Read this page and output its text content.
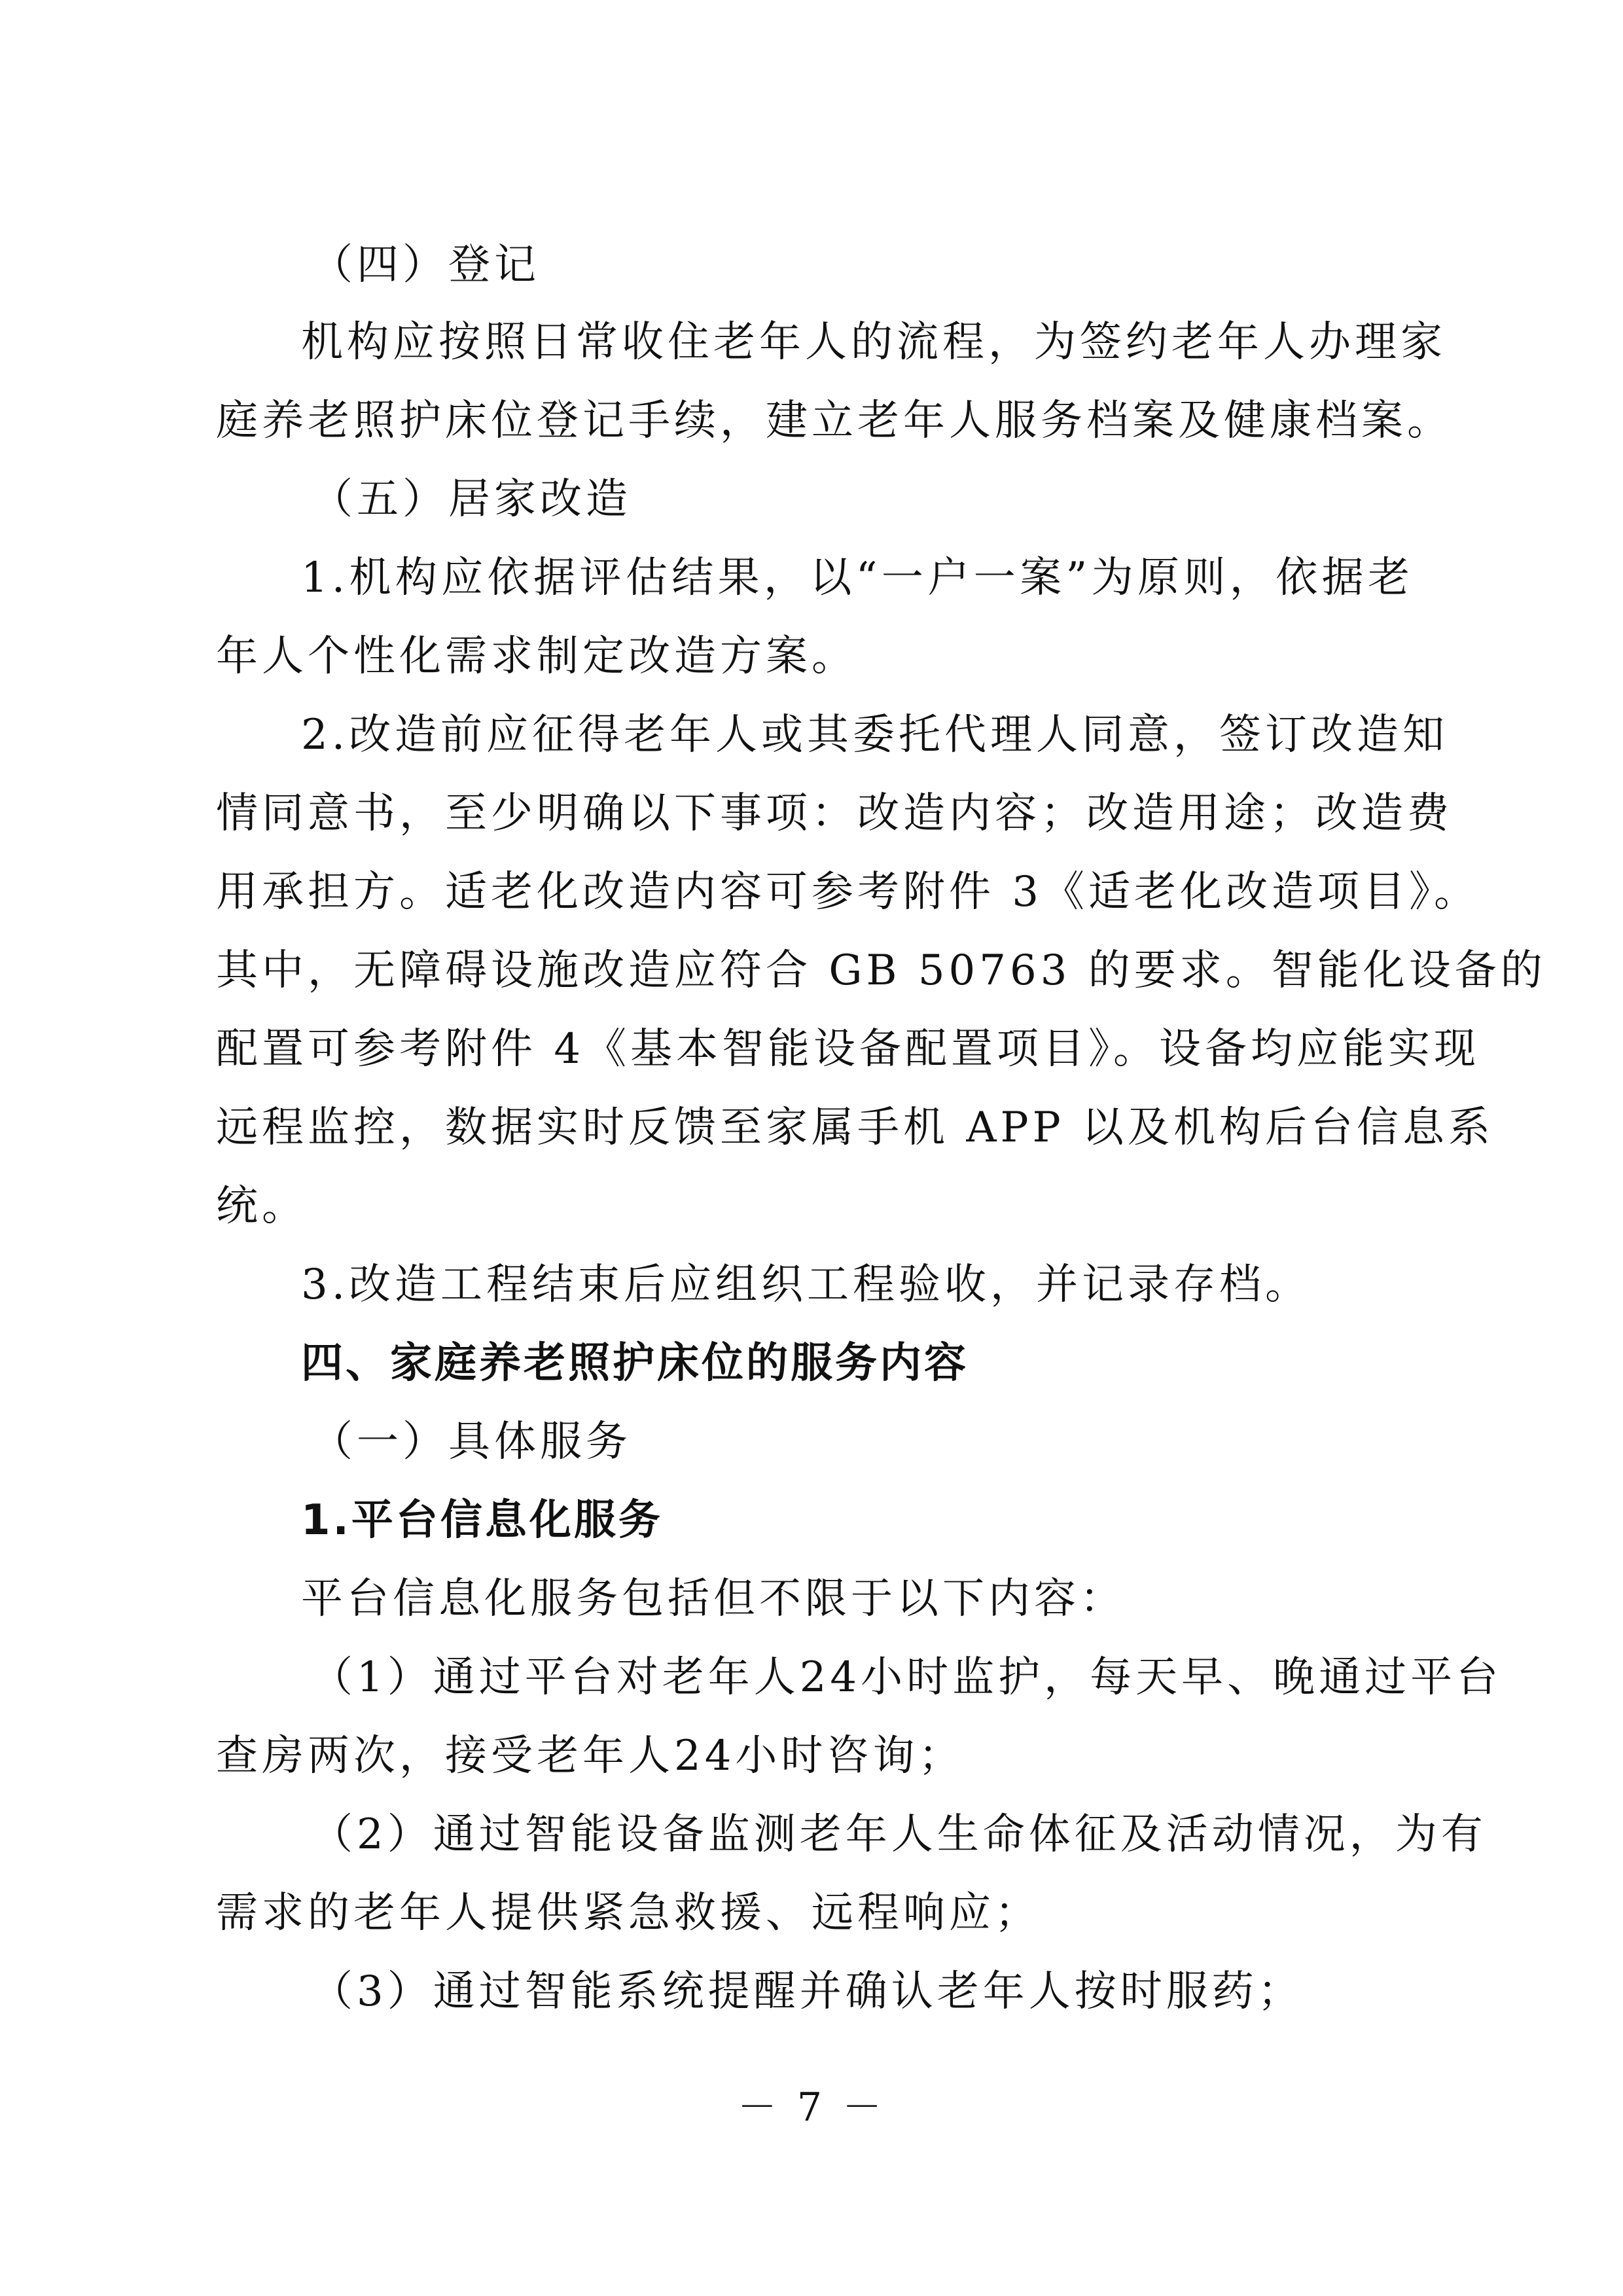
（四）登记
机构应按照日常收住老年人的流程，为签约老年人办理家
庭养老照护床位登记手续，建立老年人服务档案及健康档案。
（五）居家改造
1.机构应依据评估结果，以“一户一案”为原则，依据老
年人个性化需求制定改造方案。
2.改造前应征得老年人或其委托代理人同意，签订改造知
情同意书，至少明确以下事项：改造内容；改造用途；改造费
用承担方。适老化改造内容可参考附件 3《适老化改造项目》。
其中，无障碍设施改造应符合 GB 50763 的要求。智能化设备的
配置可参考附件 4《基本智能设备配置项目》。设备均应能实现
远程监控，数据实时反馈至家属手机 APP 以及机构后台信息系
统。
3.改造工程结束后应组织工程验收，并记录存档。
四、家庭养老照护床位的服务内容
（一）具体服务
1.平台信息化服务
平台信息化服务包括但不限于以下内容：
（1）通过平台对老年人24小时监护，每天早、晚通过平台
查房两次，接受老年人24小时咨询；
（2）通过智能设备监测老年人生命体征及活动情况，为有
需求的老年人提供紧急救援、远程响应；
（3）通过智能系统提醒并确认老年人按时服药；
－ 7 －
